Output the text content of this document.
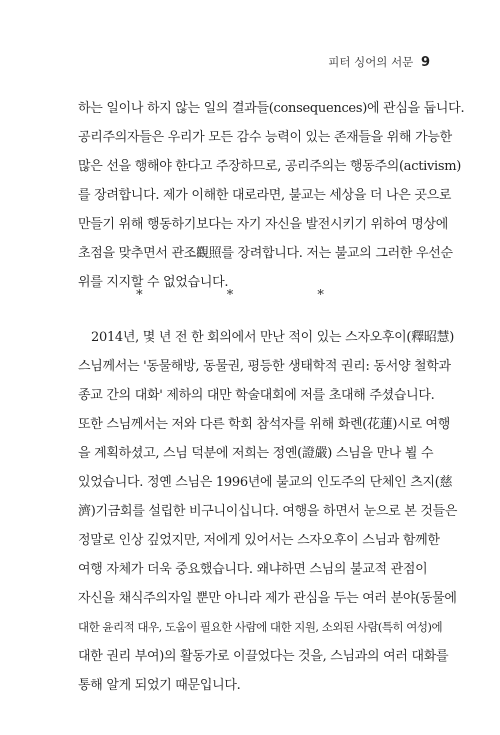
피터 싱어의 서문 9
하는 일이나 하지 않는 일의 결과들(consequences)에 관심을 둡니다.
공리주의자들은 우리가 모든 감수 능력이 있는 존재들을 위해 가능한
많은 선을 행해야 한다고 주장하므로, 공리주의는 행동주의(activism)
를 장려합니다. 제가 이해한 대로라면, 불교는 세상을 더 나은 곳으로
만들기 위해 행동하기보다는 자기 자신을 발전시키기 위하여 명상에
초점을 맞추면서 관조觀照를 장려합니다. 저는 불교의 그러한 우선순
위를 지지할 수 없었습니다.
* * *
2014년, 몇 년 전 한 회의에서 만난 적이 있는 스자오후이(釋昭慧)
스님께서는 '동물해방, 동물권, 평등한 생태학적 권리: 동서양 철학과
종교 간의 대화' 제하의 대만 학술대회에 저를 초대해 주셨습니다.
또한 스님께서는 저와 다른 학회 참석자를 위해 화롄(花蓮)시로 여행
을 계획하셨고, 스님 덕분에 저희는 정옌(證嚴) 스님을 만나 뵐 수
있었습니다. 정옌 스님은 1996년에 불교의 인도주의 단체인 츠지(慈
濟)기금회를 설립한 비구니이십니다. 여행을 하면서 눈으로 본 것들은
정말로 인상 깊었지만, 저에게 있어서는 스자오후이 스님과 함께한
여행 자체가 더욱 중요했습니다. 왜냐하면 스님의 불교적 관점이
자신을 채식주의자일 뿐만 아니라 제가 관심을 두는 여러 분야(동물에
대한 윤리적 대우, 도움이 필요한 사람에 대한 지원, 소외된 사람(특히 여성)에
대한 권리 부여)의 활동가로 이끌었다는 것을, 스님과의 여러 대화를
통해 알게 되었기 때문입니다.
